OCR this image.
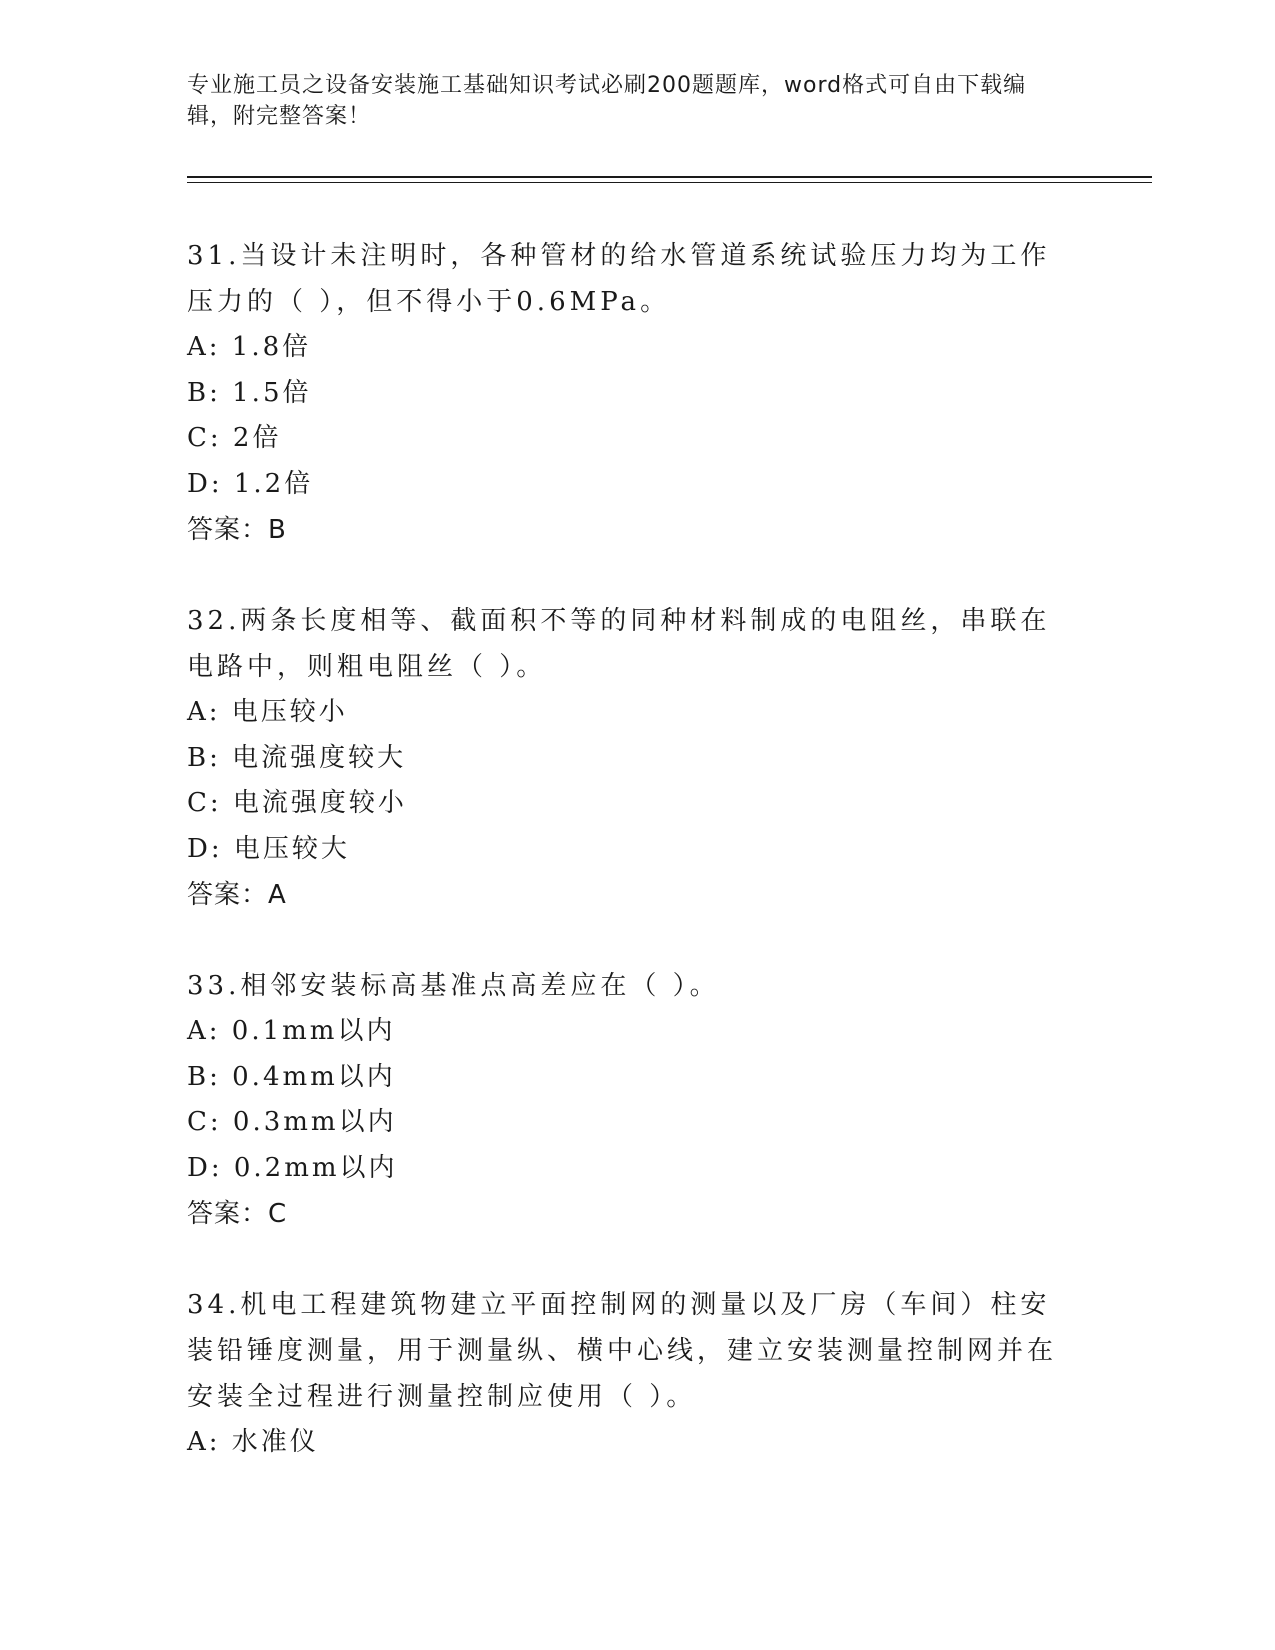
专业施工员之设备安装施工基础知识考试必刷200题题库，word格式可自由下载编辑，附完整答案！
31.当设计未注明时，各种管材的给水管道系统试验压力均为工作压力的（ ），但不得小于0.6MPa。
A: 1.8倍
B: 1.5倍
C: 2倍
D: 1.2倍
答案：B
32.两条长度相等、截面积不等的同种材料制成的电阻丝，串联在电路中，则粗电阻丝（ ）。
A: 电压较小
B: 电流强度较大
C: 电流强度较小
D: 电压较大
答案：A
33.相邻安装标高基准点高差应在（ ）。
A: 0.1mm以内
B: 0.4mm以内
C: 0.3mm以内
D: 0.2mm以内
答案：C
34.机电工程建筑物建立平面控制网的测量以及厂房（车间）柱安装铅锤度测量，用于测量纵、横中心线，建立安装测量控制网并在安装全过程进行测量控制应使用（ ）。
A: 水准仪
